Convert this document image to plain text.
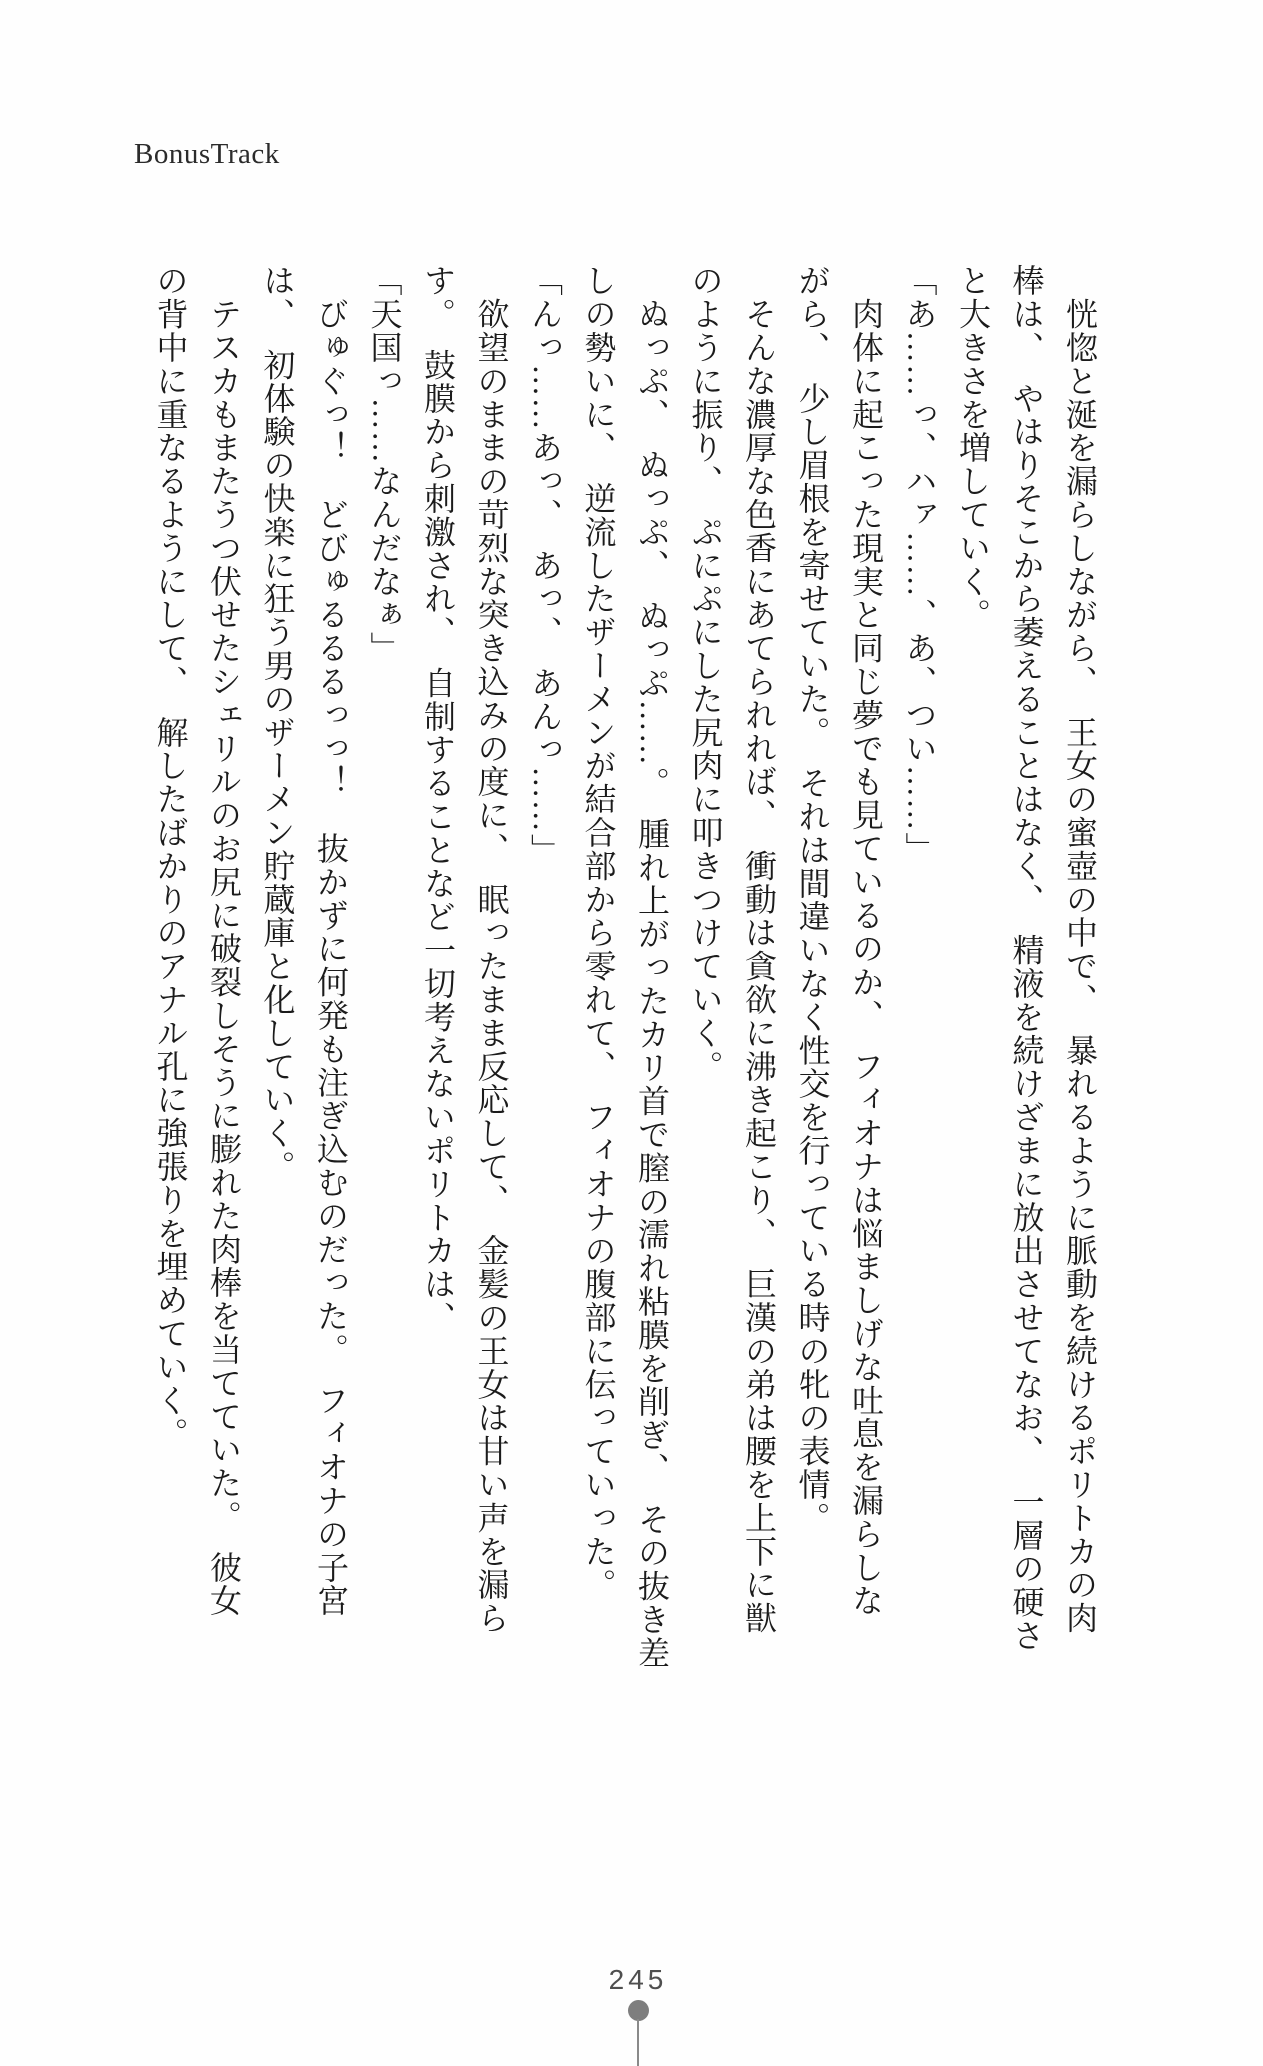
BonusTrack
　恍惚と涎を漏らしながら、　王女の蜜壺の中で、　暴れるように脈動を続けるポリトカの肉
棒は、　やはりそこから萎えることはなく、　精液を続けざまに放出させてなお、　一層の硬さ
と大きさを増していく。
「あ……っ、ハァ……、あ、つい……」
　肉体に起こった現実と同じ夢でも見ているのか、　フィオナは悩ましげな吐息を漏らしな
がら、　少し眉根を寄せていた。　それは間違いなく性交を行っている時の牝の表情。
　そんな濃厚な色香にあてられれば、　衝動は貪欲に沸き起こり、　巨漢の弟は腰を上下に獣
のように振り、　ぷにぷにした尻肉に叩きつけていく。
　ぬっぷ、　ぬっぷ、　ぬっぷ……。　腫れ上がったカリ首で膣の濡れ粘膜を削ぎ、　その抜き差
しの勢いに、　逆流したザーメンが結合部から零れて、　フィオナの腹部に伝っていった。
「んっ……あっ、　あっ、　あんっ……」
　欲望のままの苛烈な突き込みの度に、　眠ったまま反応して、　金髪の王女は甘い声を漏ら
す。　鼓膜から刺激され、　自制することなど一切考えないポリトカは、
「天国っ……なんだなぁ」
　びゅぐっ！　どびゅるるるっっ！　抜かずに何発も注ぎ込むのだった。　フィオナの子宮
は、　初体験の快楽に狂う男のザーメン貯蔵庫と化していく。
　テスカもまたうつ伏せたシェリルのお尻に破裂しそうに膨れた肉棒を当てていた。　彼女
の背中に重なるようにして、　解したばかりのアナル孔に強張りを埋めていく。
245
